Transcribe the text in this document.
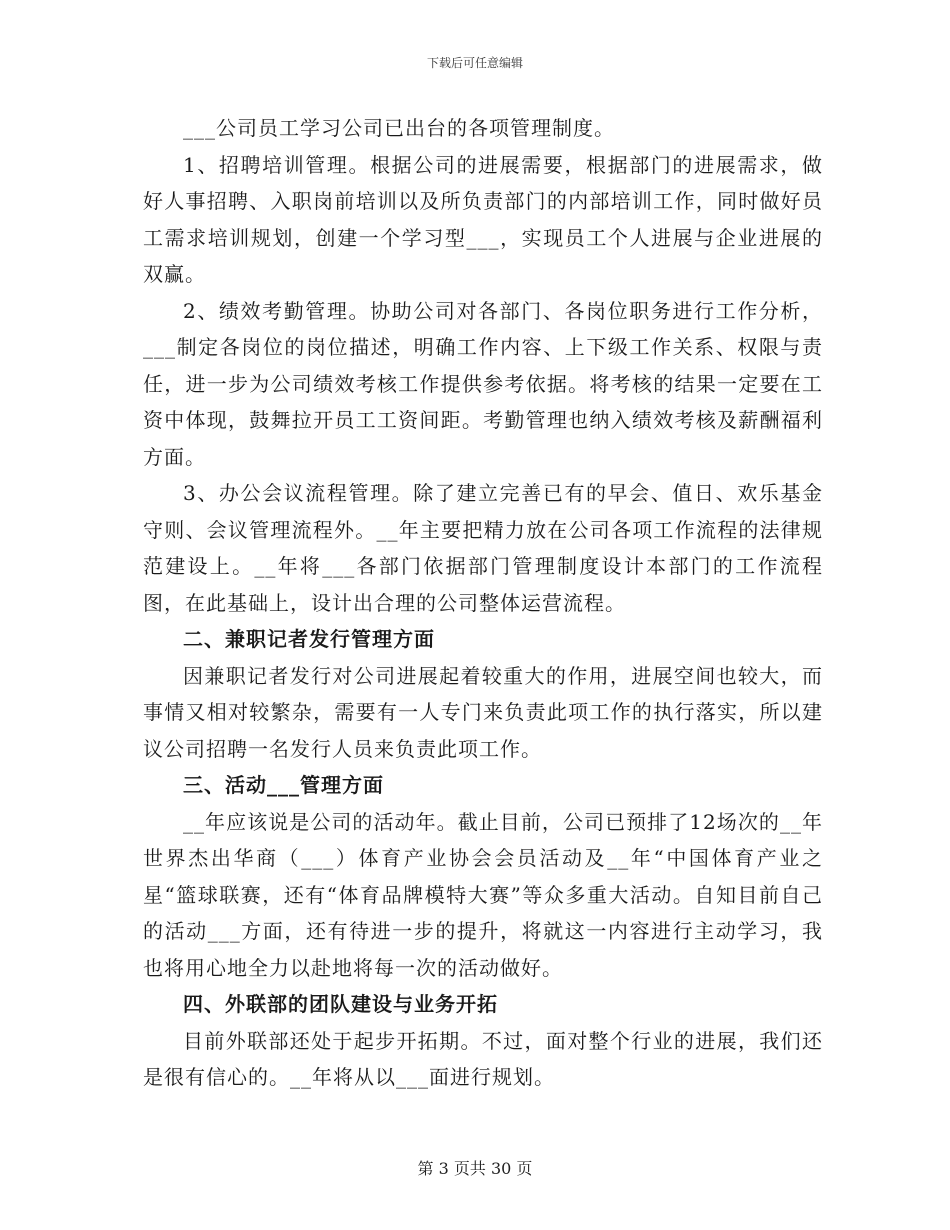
下载后可任意编辑

___公司员工学习公司已出台的各项管理制度。

1、招聘培训管理。根据公司的进展需要，根据部门的进展需求，做好人事招聘、入职岗前培训以及所负责部门的内部培训工作，同时做好员工需求培训规划，创建一个学习型___，实现员工个人进展与企业进展的双赢。

2、绩效考勤管理。协助公司对各部门、各岗位职务进行工作分析，___制定各岗位的岗位描述，明确工作内容、上下级工作关系、权限与责任，进一步为公司绩效考核工作提供参考依据。将考核的结果一定要在工资中体现，鼓舞拉开员工工资间距。考勤管理也纳入绩效考核及薪酬福利方面。

3、办公会议流程管理。除了建立完善已有的早会、值日、欢乐基金守则、会议管理流程外。__年主要把精力放在公司各项工作流程的法律规范建设上。__年将___各部门依据部门管理制度设计本部门的工作流程图，在此基础上，设计出合理的公司整体运营流程。

二、兼职记者发行管理方面

因兼职记者发行对公司进展起着较重大的作用，进展空间也较大，而事情又相对较繁杂，需要有一人专门来负责此项工作的执行落实，所以建议公司招聘一名发行人员来负责此项工作。

三、活动___管理方面

__年应该说是公司的活动年。截止目前，公司已预排了12场次的__年世界杰出华商（___）体育产业协会会员活动及__年“中国体育产业之星“篮球联赛，还有“体育品牌模特大赛”等众多重大活动。自知目前自己的活动___方面，还有待进一步的提升，将就这一内容进行主动学习，我也将用心地全力以赴地将每一次的活动做好。

四、外联部的团队建设与业务开拓

目前外联部还处于起步开拓期。不过，面对整个行业的进展，我们还是很有信心的。__年将从以___面进行规划。

第 3 页共 30 页
